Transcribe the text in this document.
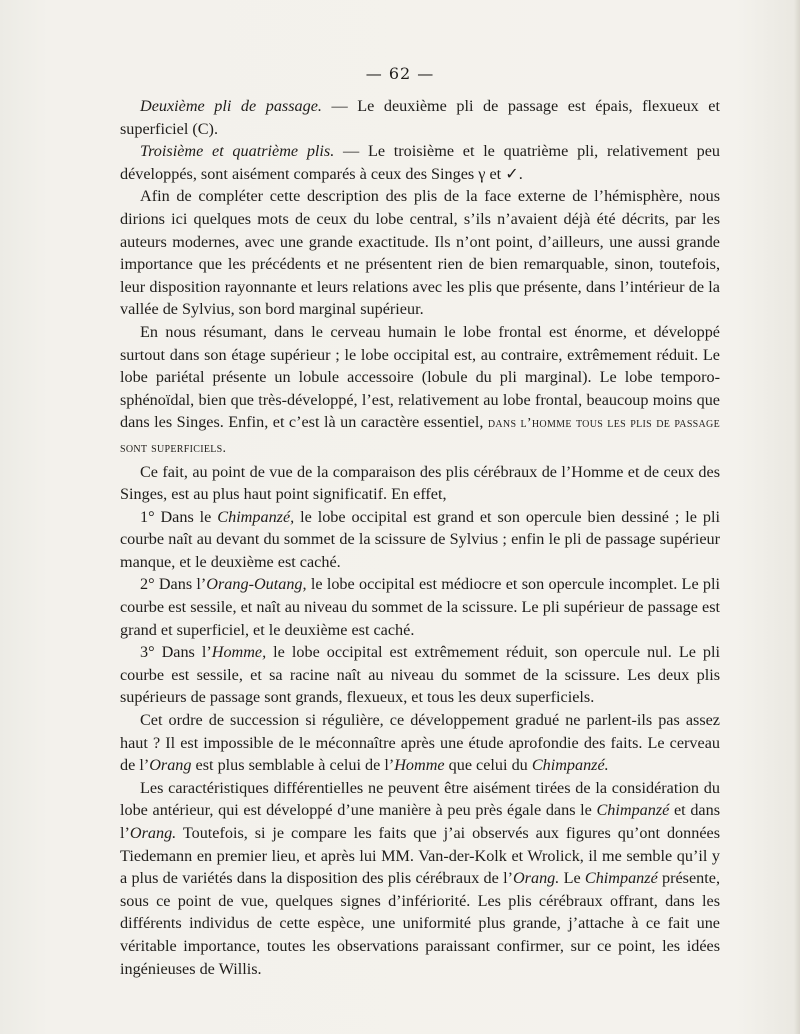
— 62 —

Deuxième pli de passage. — Le deuxième pli de passage est épais, flexueux et superficiel (C).

Troisième et quatrième plis. — Le troisième et le quatrième pli, relativement peu développés, sont aisément comparés à ceux des Singes γ et ✓.

Afin de compléter cette description des plis de la face externe de l’hémisphère, nous dirions ici quelques mots de ceux du lobe central, s’ils n’avaient déjà été décrits, par les auteurs modernes, avec une grande exactitude. Ils n’ont point, d’ailleurs, une aussi grande importance que les précédents et ne présentent rien de bien remarquable, sinon, toutefois, leur disposition rayonnante et leurs relations avec les plis que présente, dans l’intérieur de la vallée de Sylvius, son bord marginal supérieur.

En nous résumant, dans le cerveau humain le lobe frontal est énorme, et développé surtout dans son étage supérieur ; le lobe occipital est, au contraire, extrêmement réduit. Le lobe pariétal présente un lobule accessoire (lobule du pli marginal). Le lobe temporo-sphénoïdal, bien que très-développé, l’est, relativement au lobe frontal, beaucoup moins que dans les Singes. Enfin, et c’est là un caractère essentiel, dans l’homme tous les plis de passage sont superficiels.

Ce fait, au point de vue de la comparaison des plis cérébraux de l’Homme et de ceux des Singes, est au plus haut point significatif. En effet,

1° Dans le Chimpanzé, le lobe occipital est grand et son opercule bien dessiné ; le pli courbe naît au devant du sommet de la scissure de Sylvius ; enfin le pli de passage supérieur manque, et le deuxième est caché.

2° Dans l’Orang-Outang, le lobe occipital est médiocre et son opercule incomplet. Le pli courbe est sessile, et naît au niveau du sommet de la scissure. Le pli supérieur de passage est grand et superficiel, et le deuxième est caché.

3° Dans l’Homme, le lobe occipital est extrêmement réduit, son opercule nul. Le pli courbe est sessile, et sa racine naît au niveau du sommet de la scissure. Les deux plis supérieurs de passage sont grands, flexueux, et tous les deux superficiels.

Cet ordre de succession si régulière, ce développement gradué ne parlent-ils pas assez haut ? Il est impossible de le méconnaître après une étude aprofondie des faits. Le cerveau de l’Orang est plus semblable à celui de l’Homme que celui du Chimpanzé.

Les caractéristiques différentielles ne peuvent être aisément tirées de la considération du lobe antérieur, qui est développé d’une manière à peu près égale dans le Chimpanzé et dans l’Orang. Toutefois, si je compare les faits que j’ai observés aux figures qu’ont données Tiedemann en premier lieu, et après lui MM. Van-der-Kolk et Wrolick, il me semble qu’il y a plus de variétés dans la disposition des plis cérébraux de l’Orang. Le Chimpanzé présente, sous ce point de vue, quelques signes d’infériorité. Les plis cérébraux offrant, dans les différents individus de cette espèce, une uniformité plus grande, j’attache à ce fait une véritable importance, toutes les observations paraissant confirmer, sur ce point, les idées ingénieuses de Willis.
